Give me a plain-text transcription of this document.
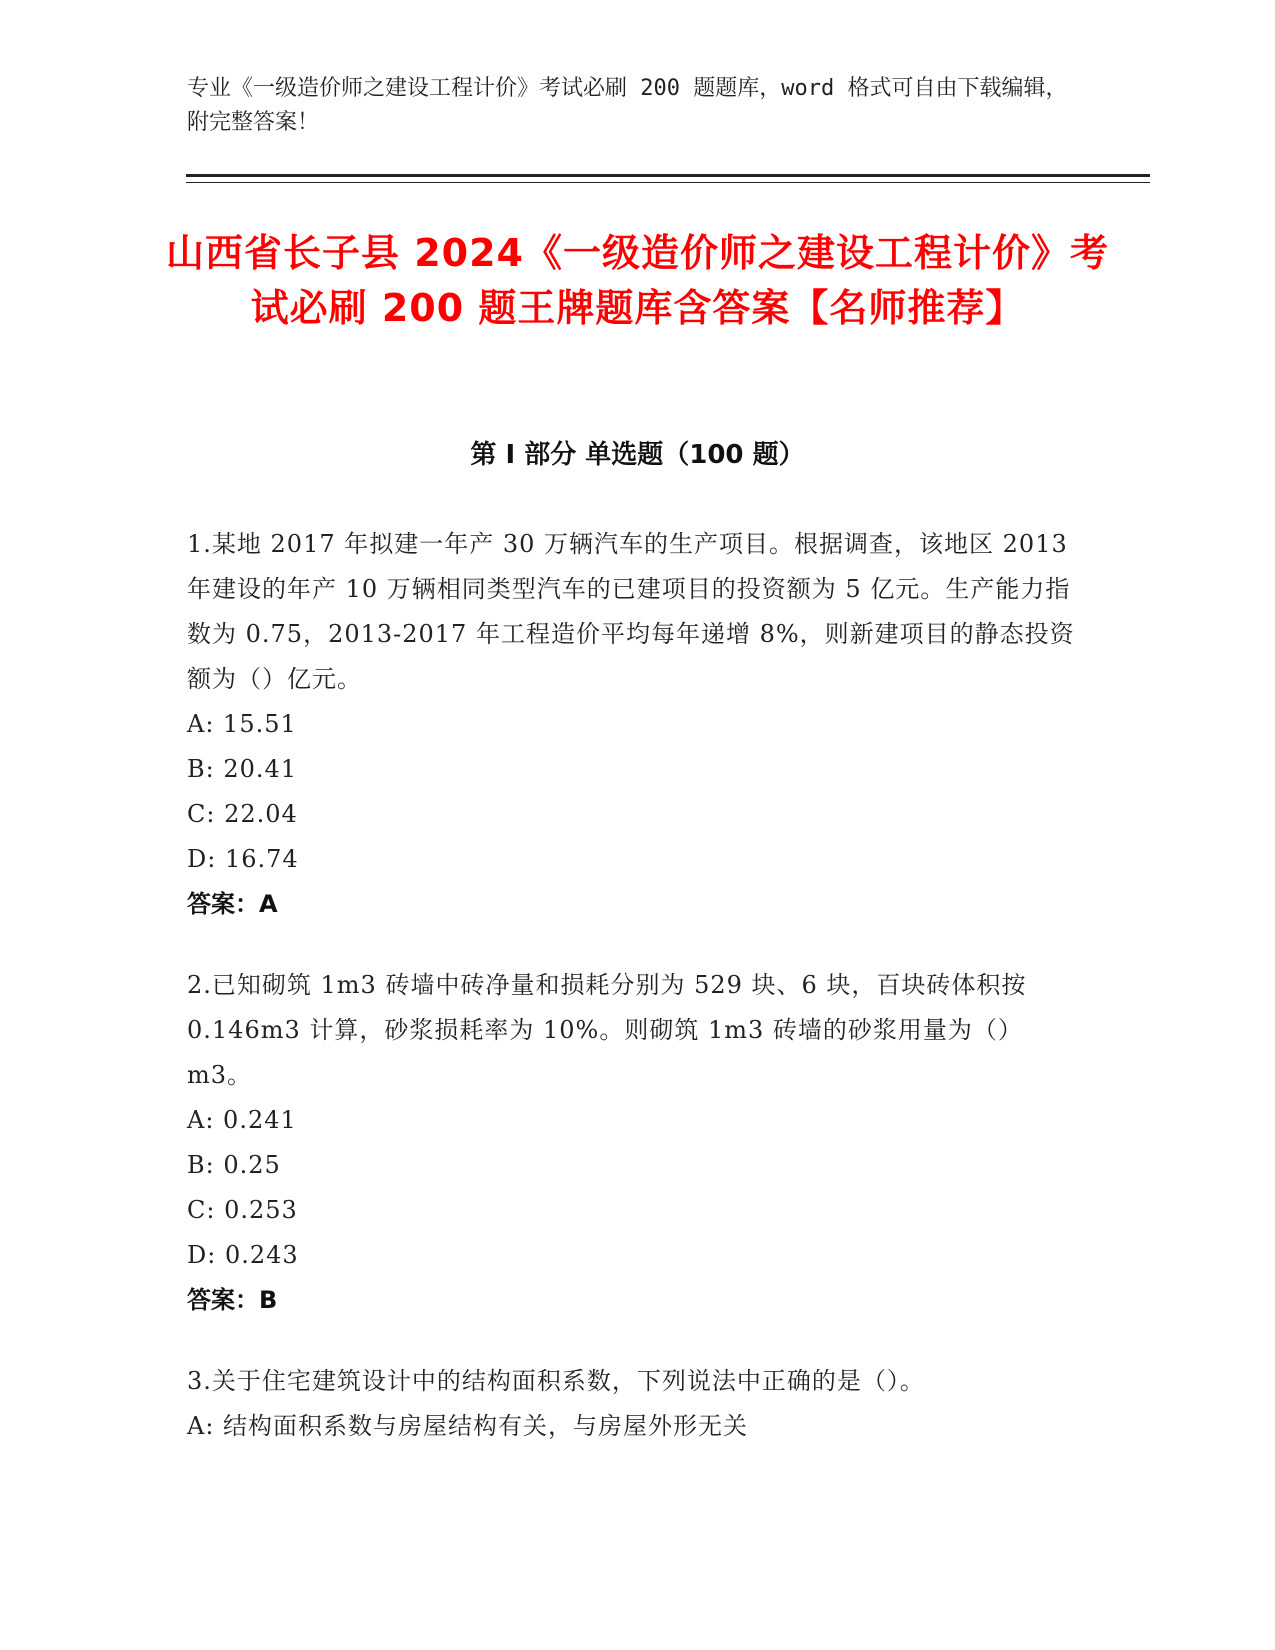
专业《一级造价师之建设工程计价》考试必刷 200 题题库，word 格式可自由下载编辑，附完整答案！
山西省长子县 2024《一级造价师之建设工程计价》考试必刷 200 题王牌题库含答案【名师推荐】
第 I 部分 单选题（100 题）
1.某地 2017 年拟建一年产 30 万辆汽车的生产项目。根据调查，该地区 2013 年建设的年产 10 万辆相同类型汽车的已建项目的投资额为 5 亿元。生产能力指数为 0.75，2013-2017 年工程造价平均每年递增 8%，则新建项目的静态投资额为（）亿元。
A: 15.51
B: 20.41
C: 22.04
D: 16.74
答案：A
2.已知砌筑 1m3 砖墙中砖净量和损耗分别为 529 块、6 块，百块砖体积按 0.146m3 计算，砂浆损耗率为 10%。则砌筑 1m3 砖墙的砂浆用量为（）m3。
A: 0.241
B: 0.25
C: 0.253
D: 0.243
答案：B
3.关于住宅建筑设计中的结构面积系数，下列说法中正确的是（）。
A: 结构面积系数与房屋结构有关，与房屋外形无关
